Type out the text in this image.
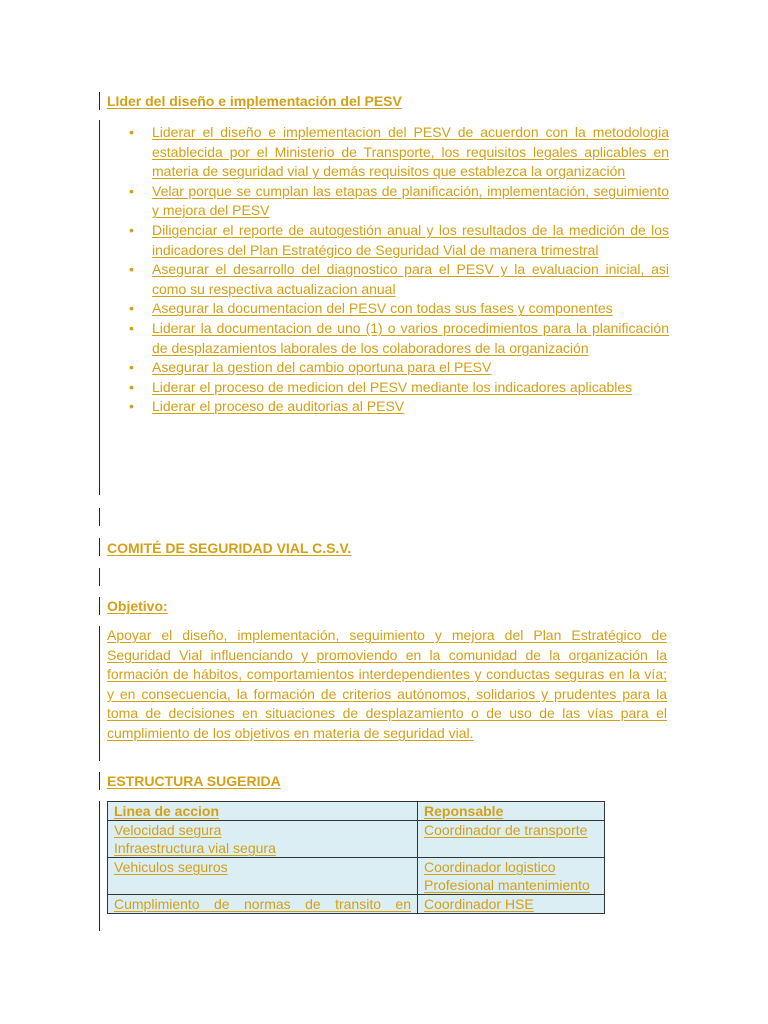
LIder del diseño e implementación del PESV
• Liderar el diseño e implementacion del PESV de acuerdon con la metodologia establecida por el Ministerio de Transporte, los requisitos legales aplicables en materia de seguridad vial y demás requisitos que establezca la organización
• Velar porque se cumplan las etapas de planificación, implementación, seguimiento y mejora del PESV
• Diligenciar el reporte de autogestión anual y los resultados de la medición de los indicadores del Plan Estratégico de Seguridad Vial de manera trimestral
• Asegurar el desarrollo del diagnostico para el PESV y la evaluacion inicial, asi como su respectiva actualizacion anual
• Asegurar la documentacion del PESV con todas sus fases y componentes
• Liderar la documentacion de uno (1) o varios procedimientos para la planificación de desplazamientos laborales de los colaboradores de la organización
• Asegurar la gestion del cambio oportuna para el PESV
• Liderar el proceso de medicion del PESV mediante los indicadores aplicables
• Liderar el proceso de auditorias al PESV
COMITÉ DE SEGURIDAD VIAL C.S.V.
Objetivo:
Apoyar el diseño, implementación, seguimiento y mejora del Plan Estratégico de Seguridad Vial influenciando y promoviendo en la comunidad de la organización la formación de hábitos, comportamientos interdependientes y conductas seguras en la vía; y en consecuencia, la formación de criterios autónomos, solidarios y prudentes para la toma de decisiones en situaciones de desplazamiento o de uso de las vías para el cumplimiento de los objetivos en materia de seguridad vial.
ESTRUCTURA SUGERIDA
Linea de accion	Reponsable

Velocidad segura
Infraestructura vial segura	Coordinador de transporte

Vehiculos seguros	Coordinador logistico
Profesional mantenimiento

Cumplimiento de normas de transito en	Coordinador HSE
